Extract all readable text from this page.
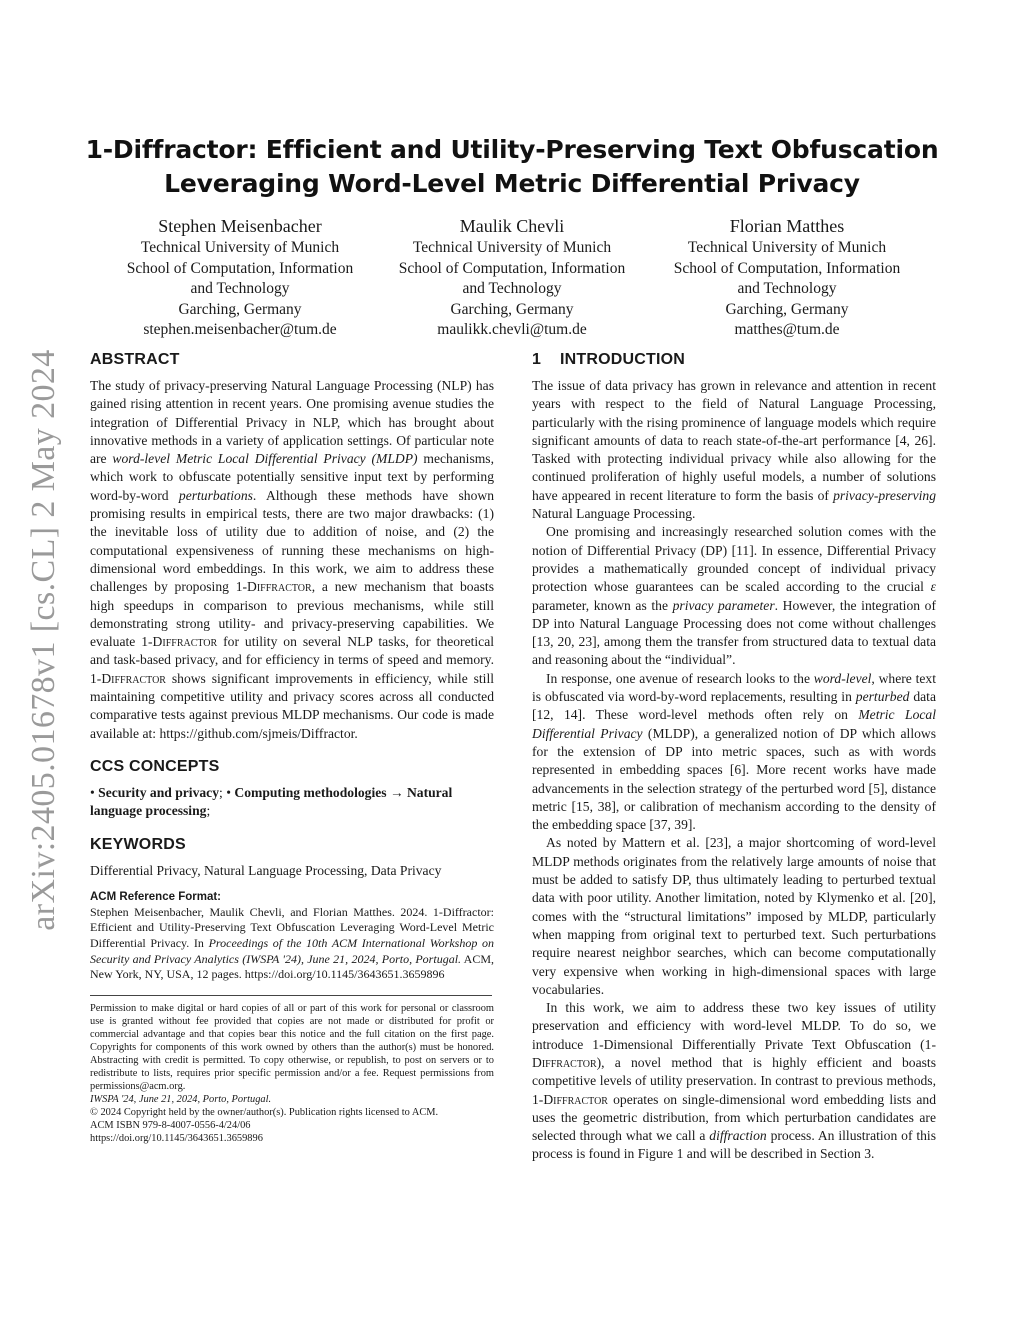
arXiv:2405.01678v1 [cs.CL] 2 May 2024
1-Diffractor: Efficient and Utility-Preserving Text Obfuscation
Leveraging Word-Level Metric Differential Privacy
Stephen Meisenbacher
Technical University of Munich
School of Computation, Information
and Technology
Garching, Germany
stephen.meisenbacher@tum.de
Maulik Chevli
Technical University of Munich
School of Computation, Information
and Technology
Garching, Germany
maulikk.chevli@tum.de
Florian Matthes
Technical University of Munich
School of Computation, Information
and Technology
Garching, Germany
matthes@tum.de
ABSTRACT

The study of privacy-preserving Natural Language Processing (NLP) has gained rising attention in recent years. One promising avenue studies the integration of Differential Privacy in NLP, which has brought about innovative methods in a variety of application settings. Of particular note are word-level Metric Local Differential Privacy (MLDP) mechanisms, which work to obfuscate potentially sensitive input text by performing word-by-word perturbations. Although these methods have shown promising results in empirical tests, there are two major drawbacks: (1) the inevitable loss of utility due to addition of noise, and (2) the computational expensiveness of running these mechanisms on high-dimensional word embeddings. In this work, we aim to address these challenges by proposing 1-Diffractor, a new mechanism that boasts high speedups in comparison to previous mechanisms, while still demonstrating strong utility- and privacy-preserving capabilities. We evaluate 1-Diffractor for utility on several NLP tasks, for theoretical and task-based privacy, and for efficiency in terms of speed and memory. 1-Diffractor shows significant improvements in efficiency, while still maintaining competitive utility and privacy scores across all conducted comparative tests against previous MLDP mechanisms. Our code is made available at: https://github.com/sjmeis/Diffractor.

CCS CONCEPTS

• Security and privacy; • Computing methodologies → Natural language processing;

KEYWORDS

Differential Privacy, Natural Language Processing, Data Privacy

ACM Reference Format:

Stephen Meisenbacher, Maulik Chevli, and Florian Matthes. 2024. 1-Diffractor: Efficient and Utility-Preserving Text Obfuscation Leveraging Word-Level Metric Differential Privacy. In Proceedings of the 10th ACM International Workshop on Security and Privacy Analytics (IWSPA '24), June 21, 2024, Porto, Portugal. ACM, New York, NY, USA, 12 pages. https://doi.org/10.1145/3643651.3659896

Permission to make digital or hard copies of all or part of this work for personal or classroom use is granted without fee provided that copies are not made or distributed for profit or commercial advantage and that copies bear this notice and the full citation on the first page. Copyrights for components of this work owned by others than the author(s) must be honored. Abstracting with credit is permitted. To copy otherwise, or republish, to post on servers or to redistribute to lists, requires prior specific permission and/or a fee. Request permissions from permissions@acm.org.

IWSPA '24, June 21, 2024, Porto, Portugal.

© 2024 Copyright held by the owner/author(s). Publication rights licensed to ACM.

ACM ISBN 979-8-4007-0556-4/24/06

https://doi.org/10.1145/3643651.3659896

1 INTRODUCTION

The issue of data privacy has grown in relevance and attention in recent years with respect to the field of Natural Language Processing, particularly with the rising prominence of language models which require significant amounts of data to reach state-of-the-art performance [4, 26]. Tasked with protecting individual privacy while also allowing for the continued proliferation of highly useful models, a number of solutions have appeared in recent literature to form the basis of privacy-preserving Natural Language Processing.

One promising and increasingly researched solution comes with the notion of Differential Privacy (DP) [11]. In essence, Differential Privacy provides a mathematically grounded concept of individual privacy protection whose guarantees can be scaled according to the crucial ε parameter, known as the privacy parameter. However, the integration of DP into Natural Language Processing does not come without challenges [13, 20, 23], among them the transfer from structured data to textual data and reasoning about the “individual”.

In response, one avenue of research looks to the word-level, where text is obfuscated via word-by-word replacements, resulting in perturbed data [12, 14]. These word-level methods often rely on Metric Local Differential Privacy (MLDP), a generalized notion of DP which allows for the extension of DP into metric spaces, such as with words represented in embedding spaces [6]. More recent works have made advancements in the selection strategy of the perturbed word [5], distance metric [15, 38], or calibration of mechanism according to the density of the embedding space [37, 39].

As noted by Mattern et al. [23], a major shortcoming of word-level MLDP methods originates from the relatively large amounts of noise that must be added to satisfy DP, thus ultimately leading to perturbed textual data with poor utility. Another limitation, noted by Klymenko et al. [20], comes with the “structural limitations” imposed by MLDP, particularly when mapping from original text to perturbed text. Such perturbations require nearest neighbor searches, which can become computationally very expensive when working in high-dimensional spaces with large vocabularies.

In this work, we aim to address these two key issues of utility preservation and efficiency with word-level MLDP. To do so, we introduce 1-Dimensional Differentially Private Text Obfuscation (1-Diffractor), a novel method that is highly efficient and boasts competitive levels of utility preservation. In contrast to previous methods, 1-Diffractor operates on single-dimensional word embedding lists and uses the geometric distribution, from which perturbation candidates are selected through what we call a diffraction process. An illustration of this process is found in Figure 1 and will be described in Section 3.
